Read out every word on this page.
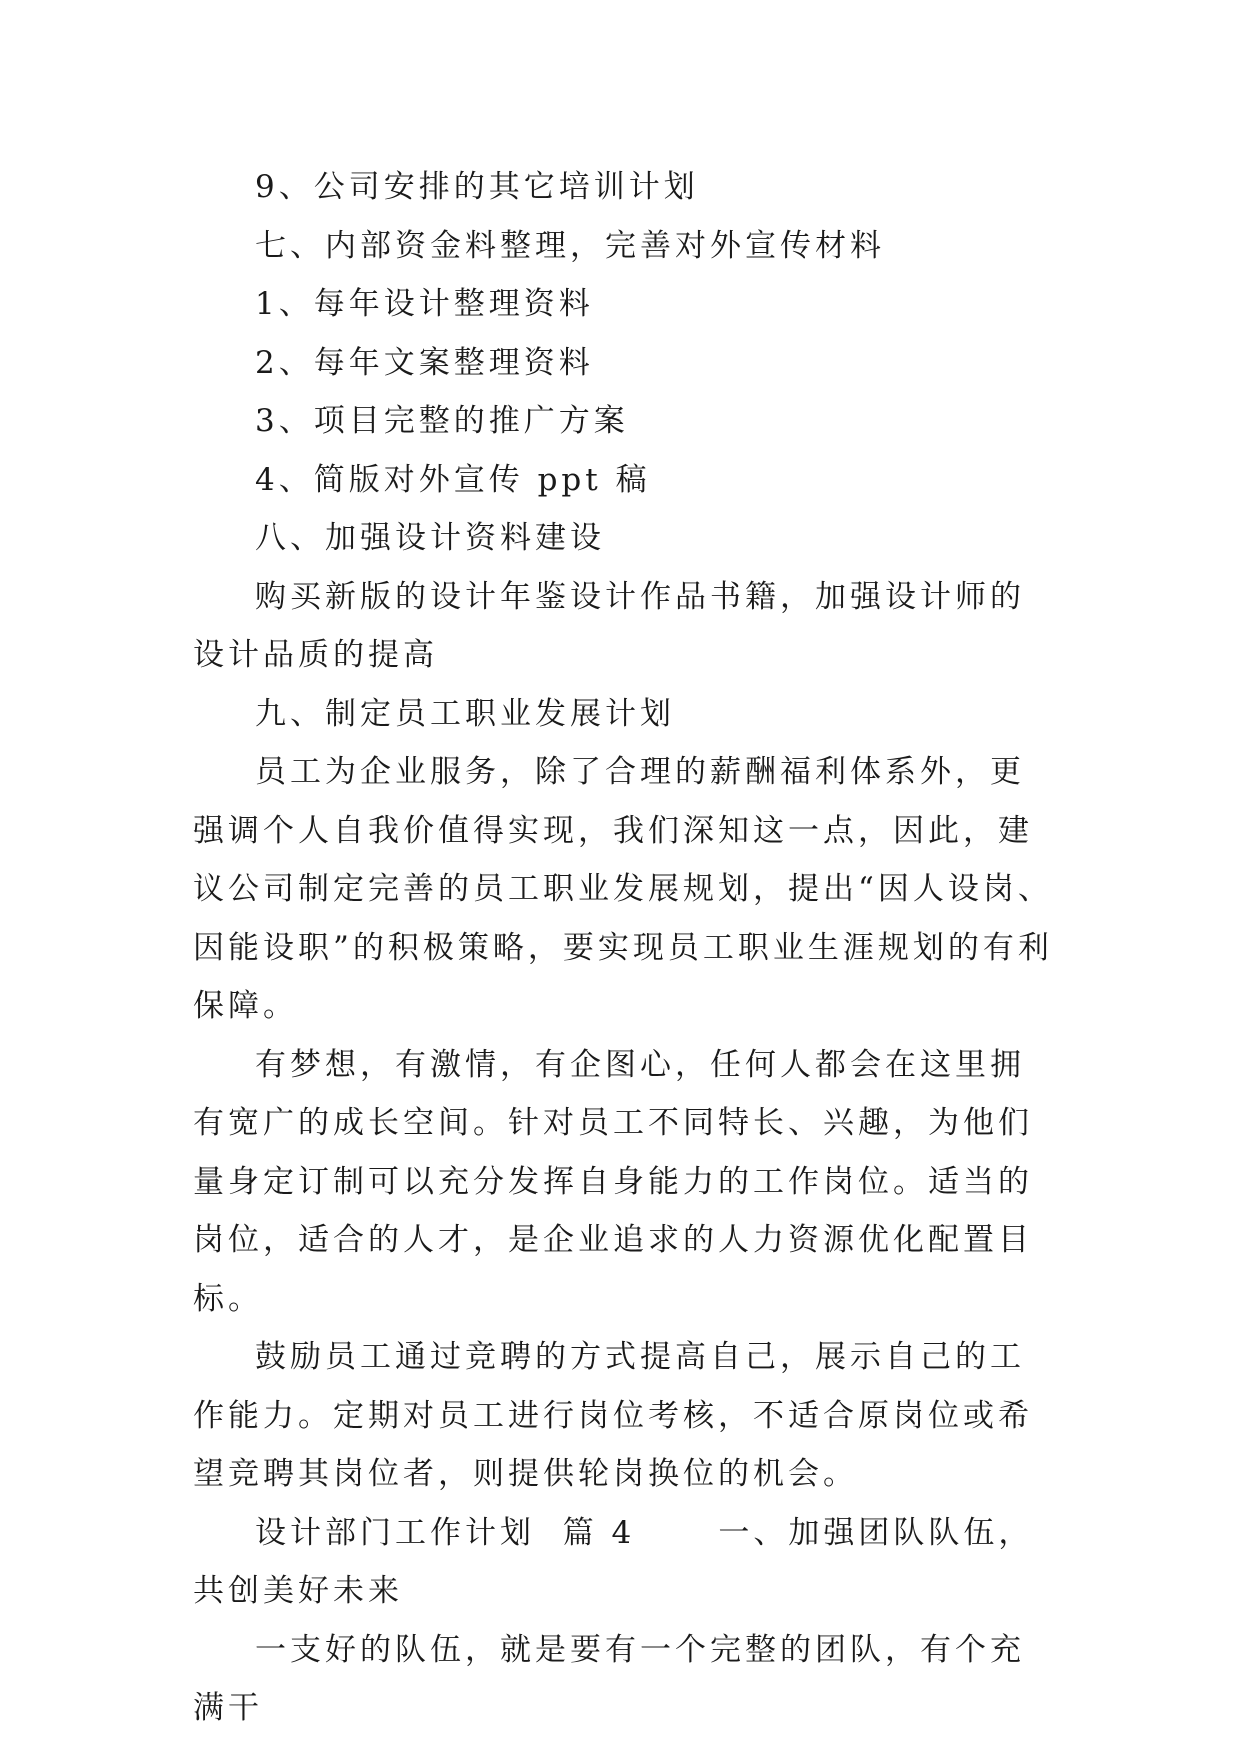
9、公司安排的其它培训计划

七、内部资金料整理，完善对外宣传材料

1、每年设计整理资料

2、每年文案整理资料

3、项目完整的推广方案

4、简版对外宣传 ppt 稿

八、加强设计资料建设

购买新版的设计年鉴设计作品书籍，加强设计师的设计品质的提高

九、制定员工职业发展计划

员工为企业服务，除了合理的薪酬福利体系外，更强调个人自我价值得实现，我们深知这一点，因此，建议公司制定完善的员工职业发展规划，提出“因人设岗、因能设职”的积极策略，要实现员工职业生涯规划的有利保障。

有梦想，有激情，有企图心，任何人都会在这里拥有宽广的成长空间。针对员工不同特长、兴趣，为他们量身定订制可以充分发挥自身能力的工作岗位。适当的岗位，适合的人才，是企业追求的人力资源优化配置目标。

鼓励员工通过竞聘的方式提高自己，展示自己的工作能力。定期对员工进行岗位考核，不适合原岗位或希望竞聘其岗位者，则提供轮岗换位的机会。

设计部门工作计划  篇 4      一、加强团队队伍，共创美好未来

一支好的队伍，就是要有一个完整的团队，有个充满干
